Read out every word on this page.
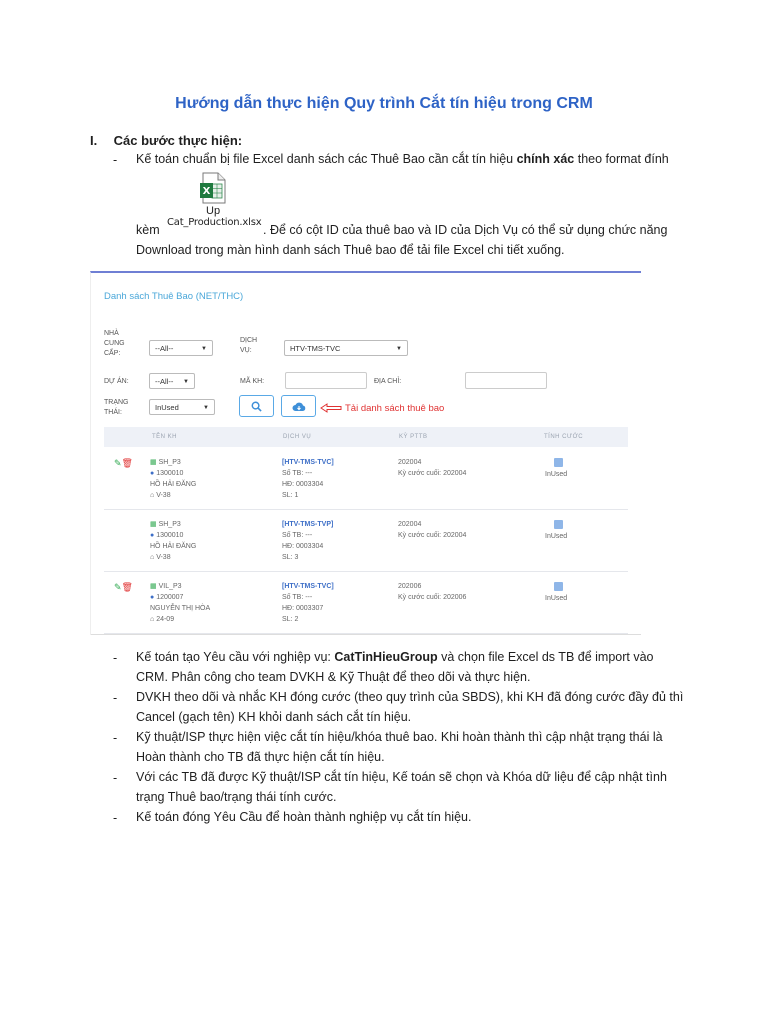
Hướng dẫn thực hiện Quy trình Cắt tín hiệu trong CRM
I. Các bước thực hiện:
- Kế toán chuẩn bị file Excel danh sách các Thuê Bao cần cắt tín hiệu chính xác theo format đính
X
Up
Cat_Production.xlsx
kèm	. Để có cột ID của thuê bao và ID của Dịch Vụ có thể sử dụng chức năng
Download trong màn hình danh sách Thuê bao để tải file Excel chi tiết xuống.
Danh sách Thuê Bao (NET/THC)
NHÀ CUNG CẤP:
--All--	▼
DỊCH VỤ:	HTV-TMS-TVC	▼
DỰ ÁN:	--All-- ▼	MÃ KH:	ĐỊA CHỈ:
TRẠNG THÁI:
InUsed	▼	Tải danh sách thuê bao
TÊN KH	DỊCH VỤ	KỲ PTTB	TÍNH CƯỚC
✎🗑 ▦ SH_P3
● 1300010
HỒ HẢI ĐĂNG
⌂ V-38
[HTV-TMS-TVC]
Số TB: ---
HĐ: 0003304
SL: 1
202004
Kỳ cước cuối: 202004	InUsed
▦ SH_P3
● 1300010
HỒ HẢI ĐĂNG
⌂ V-38
[HTV-TMS-TVP]
Số TB: ---
HĐ: 0003304
SL: 3
202004
Kỳ cước cuối: 202004	InUsed
✎🗑 ▦ VIL_P3
● 1200007
NGUYỄN THỊ HÒA
⌂ 24-09
[HTV-TMS-TVC]
Số TB: ---
HĐ: 0003307
SL: 2
202006
Kỳ cước cuối: 202006	InUsed
- Kế toán tạo Yêu cầu với nghiệp vụ: CatTinHieuGroup và chọn file Excel ds TB để import vào
CRM. Phân công cho team DVKH & Kỹ Thuật để theo dõi và thực hiện.
- DVKH theo dõi và nhắc KH đóng cước (theo quy trình của SBDS), khi KH đã đóng cước đầy đủ thì
Cancel (gạch tên) KH khỏi danh sách cắt tín hiệu.
- Kỹ thuật/ISP thực hiện việc cắt tín hiệu/khóa thuê bao. Khi hoàn thành thì cập nhật trạng thái là
Hoàn thành cho TB đã thực hiện cắt tín hiệu.
- Với các TB đã được Kỹ thuật/ISP cắt tín hiệu, Kế toán sẽ chọn và Khóa dữ liệu để cập nhật tình
trạng Thuê bao/trạng thái tính cước.
- Kế toán đóng Yêu Cầu để hoàn thành nghiệp vụ cắt tín hiệu.
